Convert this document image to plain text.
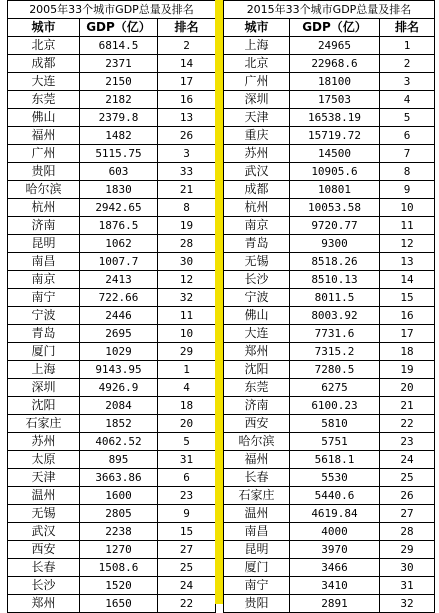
2005年33个城市GDP总量及排名		
城市	GDP（亿）	排名
北京	6814.5	2
成都	2371	14
大连	2150	17
东莞	2182	16
佛山	2379.8	13
福州	1482	26
广州	5115.75	3
贵阳	603	33
哈尔滨	1830	21
杭州	2942.65	8
济南	1876.5	19
昆明	1062	28
南昌	1007.7	30
南京	2413	12
南宁	722.66	32
宁波	2446	11
青岛	2695	10
厦门	1029	29
上海	9143.95	1
深圳	4926.9	4
沈阳	2084	18
石家庄	1852	20
苏州	4062.52	5
太原	895	31
天津	3663.86	6
温州	1600	23
无锡	2805	9
武汉	2238	15
西安	1270	27
长春	1508.6	25
长沙	1520	24
郑州	1650	22
2015年33个城市GDP总量及排名		
城市	GDP（亿）	排名
上海	24965	1
北京	22968.6	2
广州	18100	3
深圳	17503	4
天津	16538.19	5
重庆	15719.72	6
苏州	14500	7
武汉	10905.6	8
成都	10801	9
杭州	10053.58	10
南京	9720.77	11
青岛	9300	12
无锡	8518.26	13
长沙	8510.13	14
宁波	8011.5	15
佛山	8003.92	16
大连	7731.6	17
郑州	7315.2	18
沈阳	7280.5	19
东莞	6275	20
济南	6100.23	21
西安	5810	22
哈尔滨	5751	23
福州	5618.1	24
长春	5530	25
石家庄	5440.6	26
温州	4619.84	27
南昌	4000	28
昆明	3970	29
厦门	3466	30
南宁	3410	31
贵阳	2891	32
